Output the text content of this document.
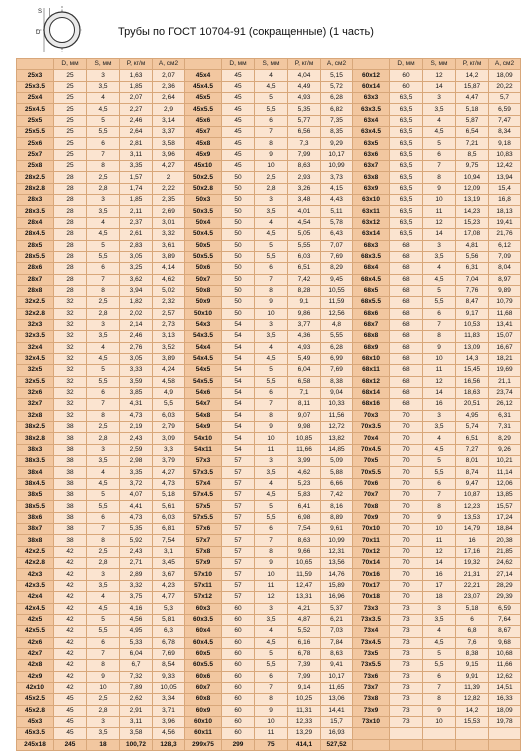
S
D	Трубы по ГОСТ 10704-91 (сокращенные) (1 часть)
	D, мм	S, мм	P, кг/м	A, см2		D, мм	S, мм	P, кг/м	A, см2		D, мм	S, мм	P, кг/м	A, см2
25x3	25	3	1,63	2,07	45x4	45	4	4,04	5,15	60x12	60	12	14,2	18,09
25x3.5	25	3,5	1,85	2,36	45x4.5	45	4,5	4,49	5,72	60x14	60	14	15,87	20,22
25x4	25	4	2,07	2,64	45x5	45	5	4,93	6,28	63x3	63,5	3	4,47	5,7
25x4.5	25	4,5	2,27	2,9	45x5.5	45	5,5	5,35	6,82	63x3.5	63,5	3,5	5,18	6,59
25x5	25	5	2,46	3,14	45x6	45	6	5,77	7,35	63x4	63,5	4	5,87	7,47
25x5.5	25	5,5	2,64	3,37	45x7	45	7	6,56	8,35	63x4.5	63,5	4,5	6,54	8,34
25x6	25	6	2,81	3,58	45x8	45	8	7,3	9,29	63x5	63,5	5	7,21	9,18
25x7	25	7	3,11	3,96	45x9	45	9	7,99	10,17	63x6	63,5	6	8,5	10,83
25x8	25	8	3,35	4,27	45x10	45	10	8,63	10,99	63x7	63,5	7	9,75	12,42
28x2.5	28	2,5	1,57	2	50x2.5	50	2,5	2,93	3,73	63x8	63,5	8	10,94	13,94
28x2.8	28	2,8	1,74	2,22	50x2.8	50	2,8	3,26	4,15	63x9	63,5	9	12,09	15,4
28x3	28	3	1,85	2,35	50x3	50	3	3,48	4,43	63x10	63,5	10	13,19	16,8
28x3.5	28	3,5	2,11	2,69	50x3.5	50	3,5	4,01	5,11	63x11	63,5	11	14,23	18,13
28x4	28	4	2,37	3,01	50x4	50	4	4,54	5,78	63x12	63,5	12	15,23	19,41
28x4.5	28	4,5	2,61	3,32	50x4.5	50	4,5	5,05	6,43	63x14	63,5	14	17,08	21,76
28x5	28	5	2,83	3,61	50x5	50	5	5,55	7,07	68x3	68	3	4,81	6,12
28x5.5	28	5,5	3,05	3,89	50x5.5	50	5,5	6,03	7,69	68x3.5	68	3,5	5,56	7,09
28x6	28	6	3,25	4,14	50x6	50	6	6,51	8,29	68x4	68	4	6,31	8,04
28x7	28	7	3,62	4,62	50x7	50	7	7,42	9,45	68x4.5	68	4,5	7,04	8,97
28x8	28	8	3,94	5,02	50x8	50	8	8,28	10,55	68x5	68	5	7,76	9,89
32x2.5	32	2,5	1,82	2,32	50x9	50	9	9,1	11,59	68x5.5	68	5,5	8,47	10,79
32x2.8	32	2,8	2,02	2,57	50x10	50	10	9,86	12,56	68x6	68	6	9,17	11,68
32x3	32	3	2,14	2,73	54x3	54	3	3,77	4,8	68x7	68	7	10,53	13,41
32x3.5	32	3,5	2,46	3,13	54x3.5	54	3,5	4,36	5,55	68x8	68	8	11,83	15,07
32x4	32	4	2,76	3,52	54x4	54	4	4,93	6,28	68x9	68	9	13,09	16,67
32x4.5	32	4,5	3,05	3,89	54x4.5	54	4,5	5,49	6,99	68x10	68	10	14,3	18,21
32x5	32	5	3,33	4,24	54x5	54	5	6,04	7,69	68x11	68	11	15,45	19,69
32x5.5	32	5,5	3,59	4,58	54x5.5	54	5,5	6,58	8,38	68x12	68	12	16,56	21,1
32x6	32	6	3,85	4,9	54x6	54	6	7,1	9,04	68x14	68	14	18,63	23,74
32x7	32	7	4,31	5,5	54x7	54	7	8,11	10,33	68x16	68	16	20,51	26,12
32x8	32	8	4,73	6,03	54x8	54	8	9,07	11,56	70x3	70	3	4,95	6,31
38x2.5	38	2,5	2,19	2,79	54x9	54	9	9,98	12,72	70x3.5	70	3,5	5,74	7,31
38x2.8	38	2,8	2,43	3,09	54x10	54	10	10,85	13,82	70x4	70	4	6,51	8,29
38x3	38	3	2,59	3,3	54x11	54	11	11,66	14,85	70x4.5	70	4,5	7,27	9,26
38x3.5	38	3,5	2,98	3,79	57x3	57	3	3,99	5,09	70x5	70	5	8,01	10,21
38x4	38	4	3,35	4,27	57x3.5	57	3,5	4,62	5,88	70x5.5	70	5,5	8,74	11,14
38x4.5	38	4,5	3,72	4,73	57x4	57	4	5,23	6,66	70x6	70	6	9,47	12,06
38x5	38	5	4,07	5,18	57x4.5	57	4,5	5,83	7,42	70x7	70	7	10,87	13,85
38x5.5	38	5,5	4,41	5,61	57x5	57	5	6,41	8,16	70x8	70	8	12,23	15,57
38x6	38	6	4,73	6,03	57x5.5	57	5,5	6,98	8,89	70x9	70	9	13,53	17,24
38x7	38	7	5,35	6,81	57x6	57	6	7,54	9,61	70x10	70	10	14,79	18,84
38x8	38	8	5,92	7,54	57x7	57	7	8,63	10,99	70x11	70	11	16	20,38
42x2.5	42	2,5	2,43	3,1	57x8	57	8	9,66	12,31	70x12	70	12	17,16	21,85
42x2.8	42	2,8	2,71	3,45	57x9	57	9	10,65	13,56	70x14	70	14	19,32	24,62
42x3	42	3	2,89	3,67	57x10	57	10	11,59	14,76	70x16	70	16	21,31	27,14
42x3.5	42	3,5	3,32	4,23	57x11	57	11	12,47	15,89	70x17	70	17	22,21	28,29
42x4	42	4	3,75	4,77	57x12	57	12	13,31	16,96	70x18	70	18	23,07	29,39
42x4.5	42	4,5	4,16	5,3	60x3	60	3	4,21	5,37	73x3	73	3	5,18	6,59
42x5	42	5	4,56	5,81	60x3.5	60	3,5	4,87	6,21	73x3.5	73	3,5	6	7,64
42x5.5	42	5,5	4,95	6,3	60x4	60	4	5,52	7,03	73x4	73	4	6,8	8,67
42x6	42	6	5,33	6,78	60x4.5	60	4,5	6,16	7,84	73x4.5	73	4,5	7,6	9,68
42x7	42	7	6,04	7,69	60x5	60	5	6,78	8,63	73x5	73	5	8,38	10,68
42x8	42	8	6,7	8,54	60x5.5	60	5,5	7,39	9,41	73x5.5	73	5,5	9,15	11,66
42x9	42	9	7,32	9,33	60x6	60	6	7,99	10,17	73x6	73	6	9,91	12,62
42x10	42	10	7,89	10,05	60x7	60	7	9,14	11,65	73x7	73	7	11,39	14,51
45x2.5	45	2,5	2,62	3,34	60x8	60	8	10,25	13,06	73x8	73	8	12,82	16,33
45x2.8	45	2,8	2,91	3,71	60x9	60	9	11,31	14,41	73x9	73	9	14,2	18,09
45x3	45	3	3,11	3,96	60x10	60	10	12,33	15,7	73x10	73	10	15,53	19,78
45x3.5	45	3,5	3,58	4,56	60x11	60	11	13,29	16,93					
245x18	245	18	100,72	128,3	299x75	299	75	414,1	527,52					
